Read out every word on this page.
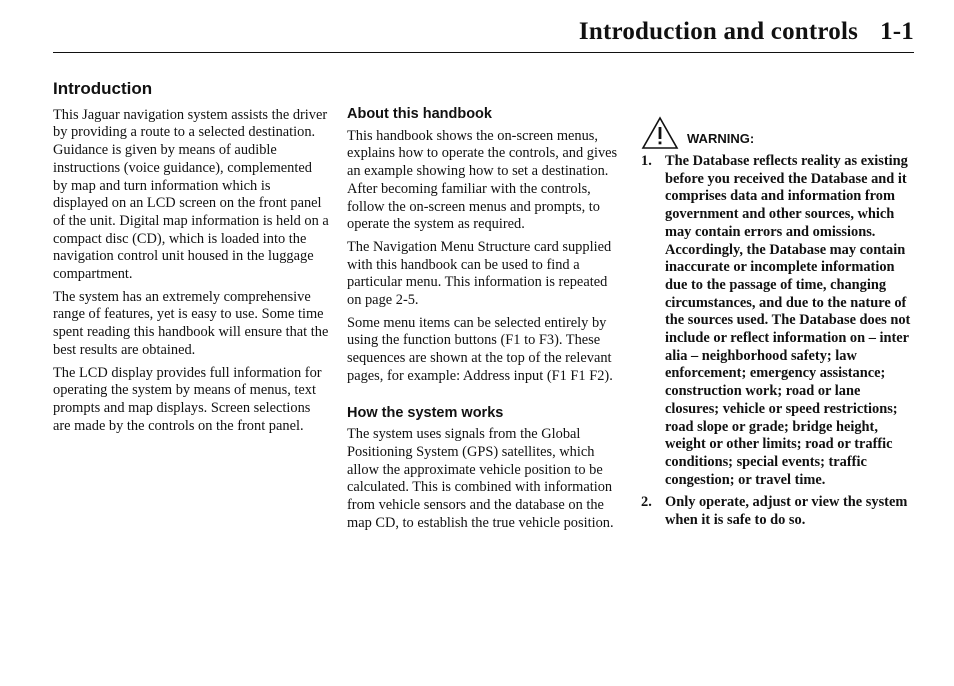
Introduction and controls 1-1
Introduction

This Jaguar navigation system assists the driver by providing a route to a selected destination. Guidance is given by means of audible instructions (voice guidance), complemented by map and turn information which is displayed on an LCD screen on the front panel of the unit. Digital map information is held on a compact disc (CD), which is loaded into the navigation control unit housed in the luggage compartment.

The system has an extremely comprehensive range of features, yet is easy to use. Some time spent reading this handbook will ensure that the best results are obtained.

The LCD display provides full information for operating the system by means of menus, text prompts and map displays. Screen selections are made by the controls on the front panel.

About this handbook

This handbook shows the on-screen menus, explains how to operate the controls, and gives an example showing how to set a destination. After becoming familiar with the controls, follow the on-screen menus and prompts, to operate the system as required.

The Navigation Menu Structure card supplied with this handbook can be used to find a particular menu. This information is repeated on page 2-5.

Some menu items can be selected entirely by using the function buttons (F1 to F3). These sequences are shown at the top of the relevant pages, for example: Address input (F1 F1 F2).

How the system works

The system uses signals from the Global Positioning System (GPS) satellites, which allow the approximate vehicle position to be calculated. This is combined with information from vehicle sensors and the database on the map CD, to establish the true vehicle position.

WARNING:
1. The Database reflects reality as existing before you received the Database and it comprises data and information from government and other sources, which may contain errors and omissions. Accordingly, the Database may contain inaccurate or incomplete information due to the passage of time, changing circumstances, and due to the nature of the sources used. The Database does not include or reflect information on – inter alia – neighborhood safety; law enforcement; emergency assistance; construction work; road or lane closures; vehicle or speed restrictions; road slope or grade; bridge height, weight or other limits; road or traffic conditions; special events; traffic congestion; or travel time.
2. Only operate, adjust or view the system when it is safe to do so.
